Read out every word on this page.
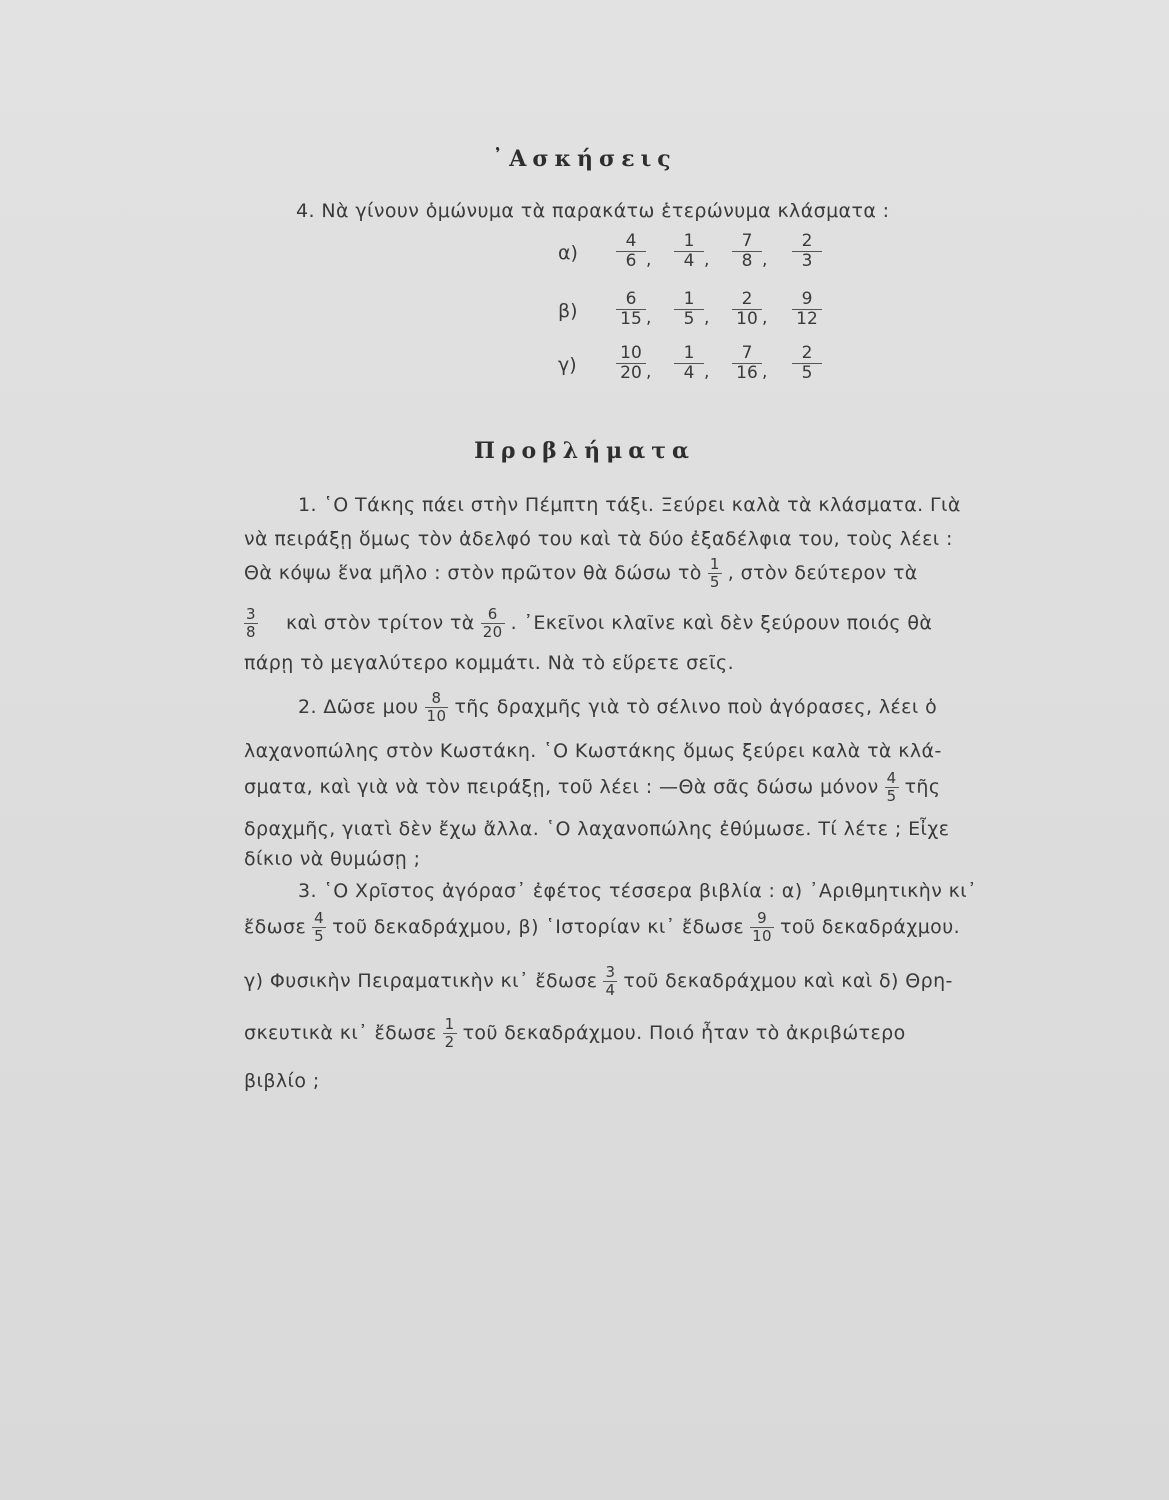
᾿Ασκήσεις
4. Νὰ γίνουν ὁμώνυμα τὰ παρακάτω ἑτερώνυμα κλάσματα :
α)	$\frac{4}{6}$ , $\frac{1}{4}$ , $\frac{7}{8}$ , $\frac{2}{3}$
β)	$\frac{6}{15}$ , $\frac{1}{5}$ , $\frac{2}{10}$ , $\frac{9}{12}$
γ)	$\frac{10}{20}$ , $\frac{1}{4}$ , $\frac{7}{16}$ , $\frac{2}{5}$
Προβλήματα
1. ῾Ο Τάκης πάει στὴν Πέμπτη τάξι. Ξεύρει καλὰ τὰ κλάσματα. Γιὰ
νὰ πειράξῃ ὅμως τὸν ἀδελφό του καὶ τὰ δύο ἐξαδέλφια του, τοὺς λέει :
Θὰ κόψω ἕνα μῆλο : στὸν πρῶτον θὰ δώσω τὸ $\frac{1}{5}$ , στὸν δεύτερον τὰ
$\frac{3}{8}$ καὶ στὸν τρίτον τὰ $\frac{6}{20}$ . ᾿Εκεῖνοι κλαῖνε καὶ δὲν ξεύρουν ποιός θὰ
πάρῃ τὸ μεγαλύτερο κομμάτι. Νὰ τὸ εὕρετε σεῖς.
2. Δῶσε μου $\frac{8}{10}$ τῆς δραχμῆς γιὰ τὸ σέλινο ποὺ ἀγόρασες, λέει ὁ
λαχανοπώλης στὸν Κωστάκη. ῾Ο Κωστάκης ὅμως ξεύρει καλὰ τὰ κλά-
σματα, καὶ γιὰ νὰ τὸν πειράξῃ, τοῦ λέει : —Θὰ σᾶς δώσω μόνον $\frac{4}{5}$ τῆς
δραχμῆς, γιατὶ δὲν ἔχω ἄλλα. ῾Ο λαχανοπώλης ἐθύμωσε. Τί λέτε ; Εἶχε
δίκιο νὰ θυμώσῃ ;
3. ῾Ο Χρῖστος ἀγόρασ᾿ ἐφέτος τέσσερα βιβλία : α) ᾿Αριθμητικὴν κι᾿
ἔδωσε $\frac{4}{5}$ τοῦ δεκαδράχμου, β) ῾Ιστορίαν κι᾿ ἔδωσε $\frac{9}{10}$ τοῦ δεκαδράχμου.
γ) Φυσικὴν Πειραματικὴν κι᾿ ἔδωσε $\frac{3}{4}$ τοῦ δεκαδράχμου καὶ καὶ δ) Θρη-
σκευτικὰ κι᾿ ἔδωσε $\frac{1}{2}$ τοῦ δεκαδράχμου. Ποιό ἦταν τὸ ἀκριβώτερο
βιβλίο ;
